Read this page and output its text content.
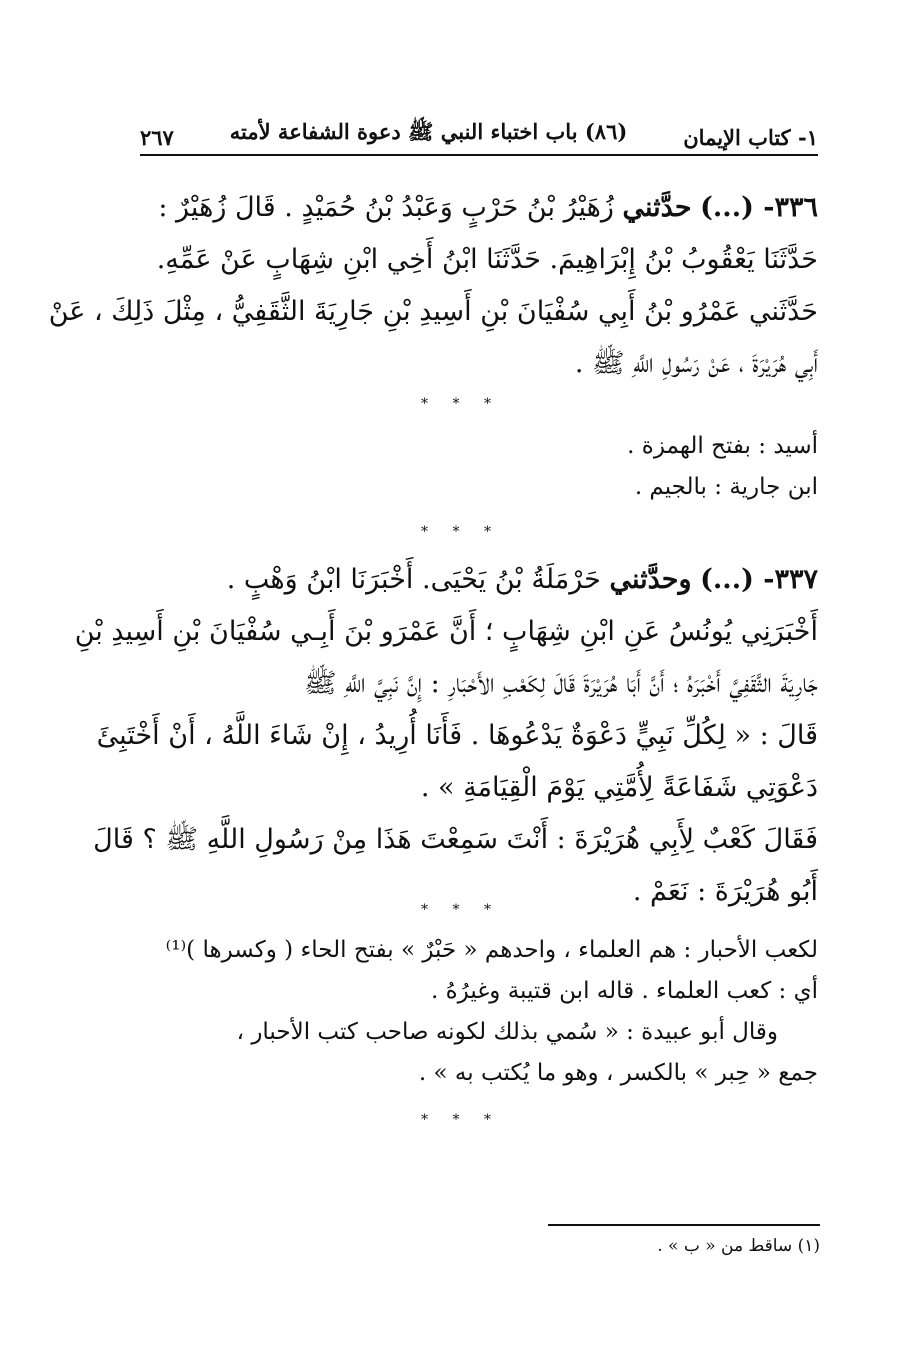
١- كتاب الإيمان
(٨٦) باب اختباء النبي ﷺ دعوة الشفاعة لأمته
٢٦٧
٣٣٦- (...) حدَّثني زُهَيْرُ بْنُ حَرْبٍ وَعَبْدُ بْنُ حُمَيْدٍ . قَالَ زُهَيْرٌ :
حَدَّثَنَا يَعْقُوبُ بْنُ إِبْرَاهِيمَ. حَدَّثَنَا ابْنُ أَخِي ابْنِ شِهَابٍ عَنْ عَمِّهِ.
حَدَّثَني عَمْرُو بْنُ أَبِي سُفْيَانَ بْنِ أَسِيدِ بْنِ جَارِيَةَ الثَّقَفِيُّ ، مِثْلَ ذَلِكَ ، عَنْ
أَبِي هُرَيْرَةَ ، عَنْ رَسُولِ اللَّهِ ﷺ .
* * *
أسيد : بفتح الهمزة .
ابن جارية : بالجيم .
* * *
٣٣٧- (...) وحدَّثني حَرْمَلَةُ بْنُ يَحْيَى. أَخْبَرَنَا ابْنُ وَهْبٍ .
أَخْبَرَنِي يُونُسُ عَنِ ابْنِ شِهَابٍ ؛ أَنَّ عَمْرَو بْنَ أَبِـي سُفْيَانَ بْنِ أَسِيدِ بْنِ
جَارِيَةَ الثَّقَفِيَّ أَخْبَرَهُ ؛ أَنَّ أَبَا هُرَيْرَةَ قَالَ لِكَعْبِ الأَحْبَارِ : إِنَّ نَبِيَّ اللَّهِ ﷺ
قَالَ : « لِكُلِّ نَبِيٍّ دَعْوَةٌ يَدْعُوهَا . فَأَنَا أُرِيدُ ، إِنْ شَاءَ اللَّهُ ، أَنْ أَخْتَبِئَ
دَعْوَتِي شَفَاعَةً لِأُمَّتِي يَوْمَ الْقِيَامَةِ » .
فَقَالَ كَعْبٌ لِأَبِي هُرَيْرَةَ : أَنْتَ سَمِعْتَ هَذَا مِنْ رَسُولِ اللَّهِ ﷺ ؟ قَالَ
أَبُو هُرَيْرَةَ : نَعَمْ .
* * *
لكعب الأحبار : هم العلماء ، واحدهم « حَبْرٌ » بفتح الحاء ( وكسرها )⁽¹⁾
أي : كعب العلماء . قاله ابن قتيبة وغيرُهُ .
وقال أبو عبيدة : « سُمي بذلك لكونه صاحب كتب الأحبار ،
جمع « حِبر » بالكسر ، وهو ما يُكتب به » .
* * *
(١) ساقط من « ب » .
